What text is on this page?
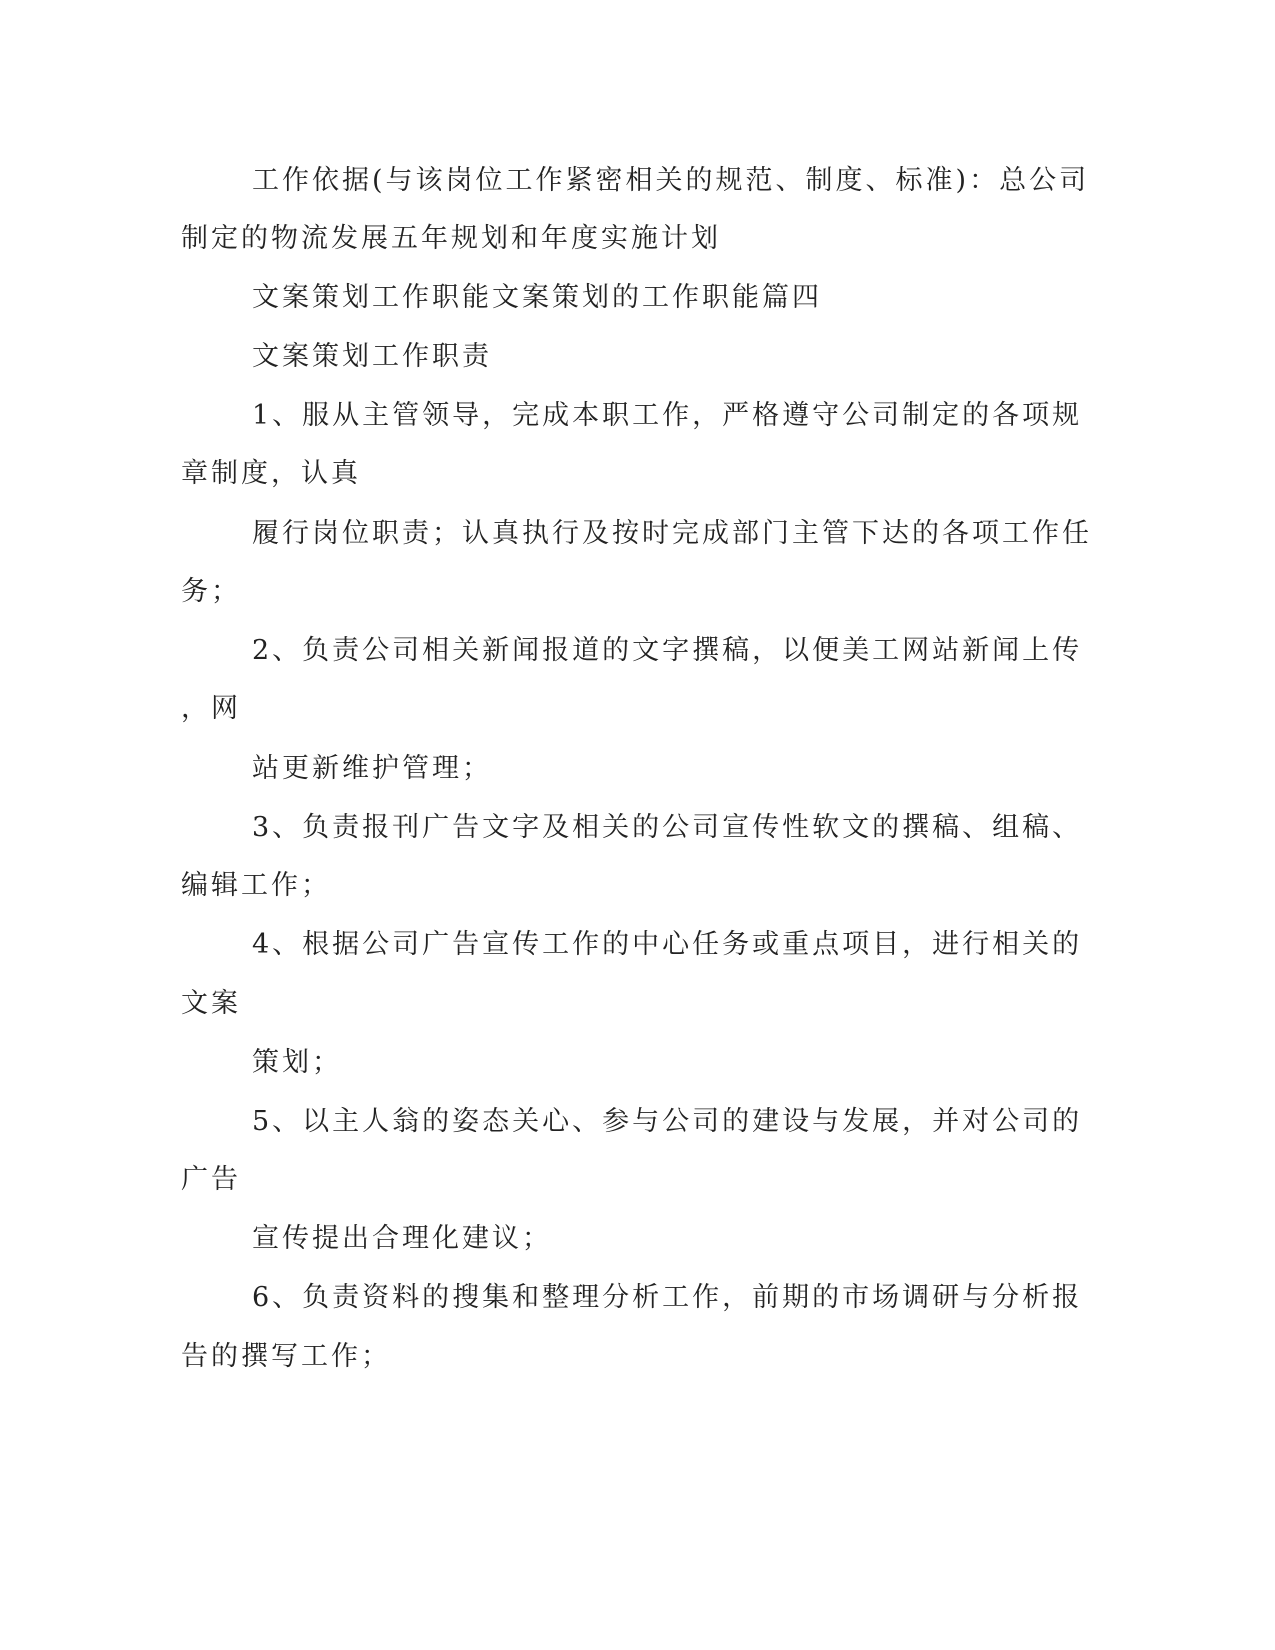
工作依据(与该岗位工作紧密相关的规范、制度、标准)：总公司

制定的物流发展五年规划和年度实施计划

文案策划工作职能文案策划的工作职能篇四

文案策划工作职责

1、服从主管领导，完成本职工作，严格遵守公司制定的各项规

章制度，认真

履行岗位职责；认真执行及按时完成部门主管下达的各项工作任

务；

2、负责公司相关新闻报道的文字撰稿，以便美工网站新闻上传

，网

站更新维护管理；

3、负责报刊广告文字及相关的公司宣传性软文的撰稿、组稿、

编辑工作；

4、根据公司广告宣传工作的中心任务或重点项目，进行相关的

文案

策划；

5、以主人翁的姿态关心、参与公司的建设与发展，并对公司的

广告

宣传提出合理化建议；

6、负责资料的搜集和整理分析工作，前期的市场调研与分析报

告的撰写工作；
